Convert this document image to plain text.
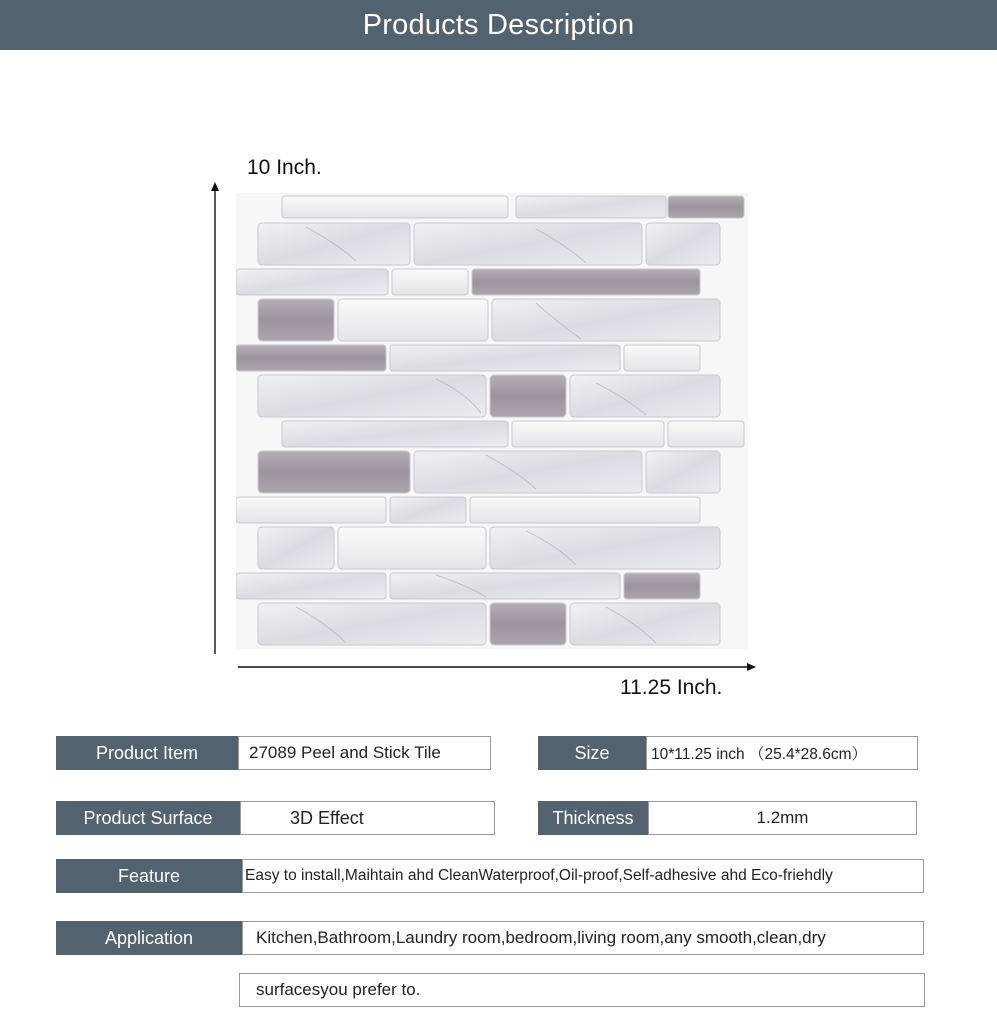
Products Description
10 Inch.
11.25 Inch.
Product Item	27089 Peel and Stick Tile	Size	10*11.25 inch （25.4*28.6cm）
Product Surface	3D Effect	Thickness	1.2mm
Feature	Easy to install,Maihtain ahd CleanWaterproof,Oil-proof,Self-adhesive ahd Eco-friehdly
Application	Kitchen,Bathroom,Laundry room,bedroom,living room,any smooth,clean,dry
surfacesyou prefer to.
